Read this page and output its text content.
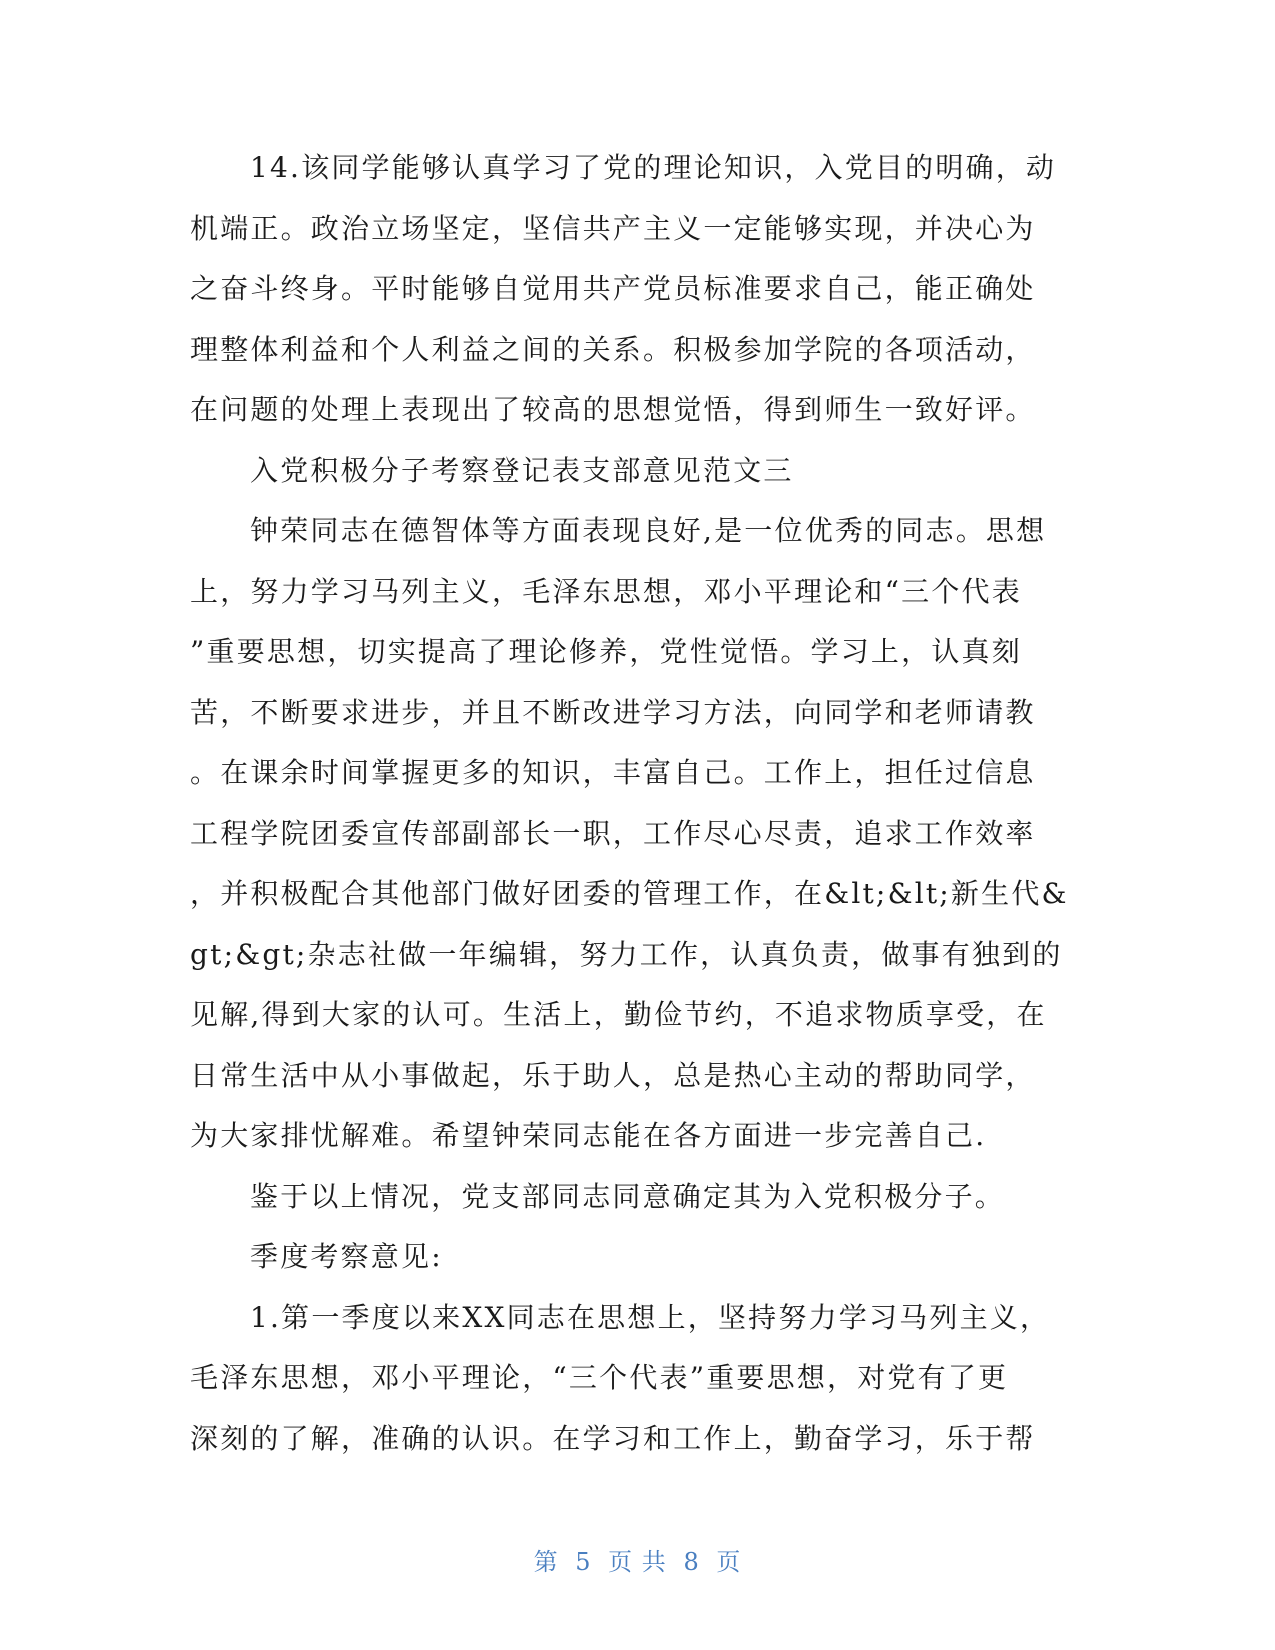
14.该同学能够认真学习了党的理论知识，入党目的明确，动
机端正。政治立场坚定，坚信共产主义一定能够实现，并决心为
之奋斗终身。平时能够自觉用共产党员标准要求自己，能正确处
理整体利益和个人利益之间的关系。积极参加学院的各项活动，
在问题的处理上表现出了较高的思想觉悟，得到师生一致好评。
入党积极分子考察登记表支部意见范文三
钟荣同志在德智体等方面表现良好,是一位优秀的同志。思想
上，努力学习马列主义，毛泽东思想，邓小平理论和“三个代表
”重要思想，切实提高了理论修养，党性觉悟。学习上，认真刻
苦，不断要求进步，并且不断改进学习方法，向同学和老师请教
。在课余时间掌握更多的知识，丰富自己。工作上，担任过信息
工程学院团委宣传部副部长一职，工作尽心尽责，追求工作效率
，并积极配合其他部门做好团委的管理工作，在&lt;&lt;新生代&
gt;&gt;杂志社做一年编辑，努力工作，认真负责，做事有独到的
见解,得到大家的认可。生活上，勤俭节约，不追求物质享受，在
日常生活中从小事做起，乐于助人，总是热心主动的帮助同学，
为大家排忧解难。希望钟荣同志能在各方面进一步完善自己.
鉴于以上情况，党支部同志同意确定其为入党积极分子。
季度考察意见:
1.第一季度以来XX同志在思想上，坚持努力学习马列主义，
毛泽东思想，邓小平理论，“三个代表”重要思想，对党有了更
深刻的了解，准确的认识。在学习和工作上，勤奋学习，乐于帮
第 5 页 共 8 页
